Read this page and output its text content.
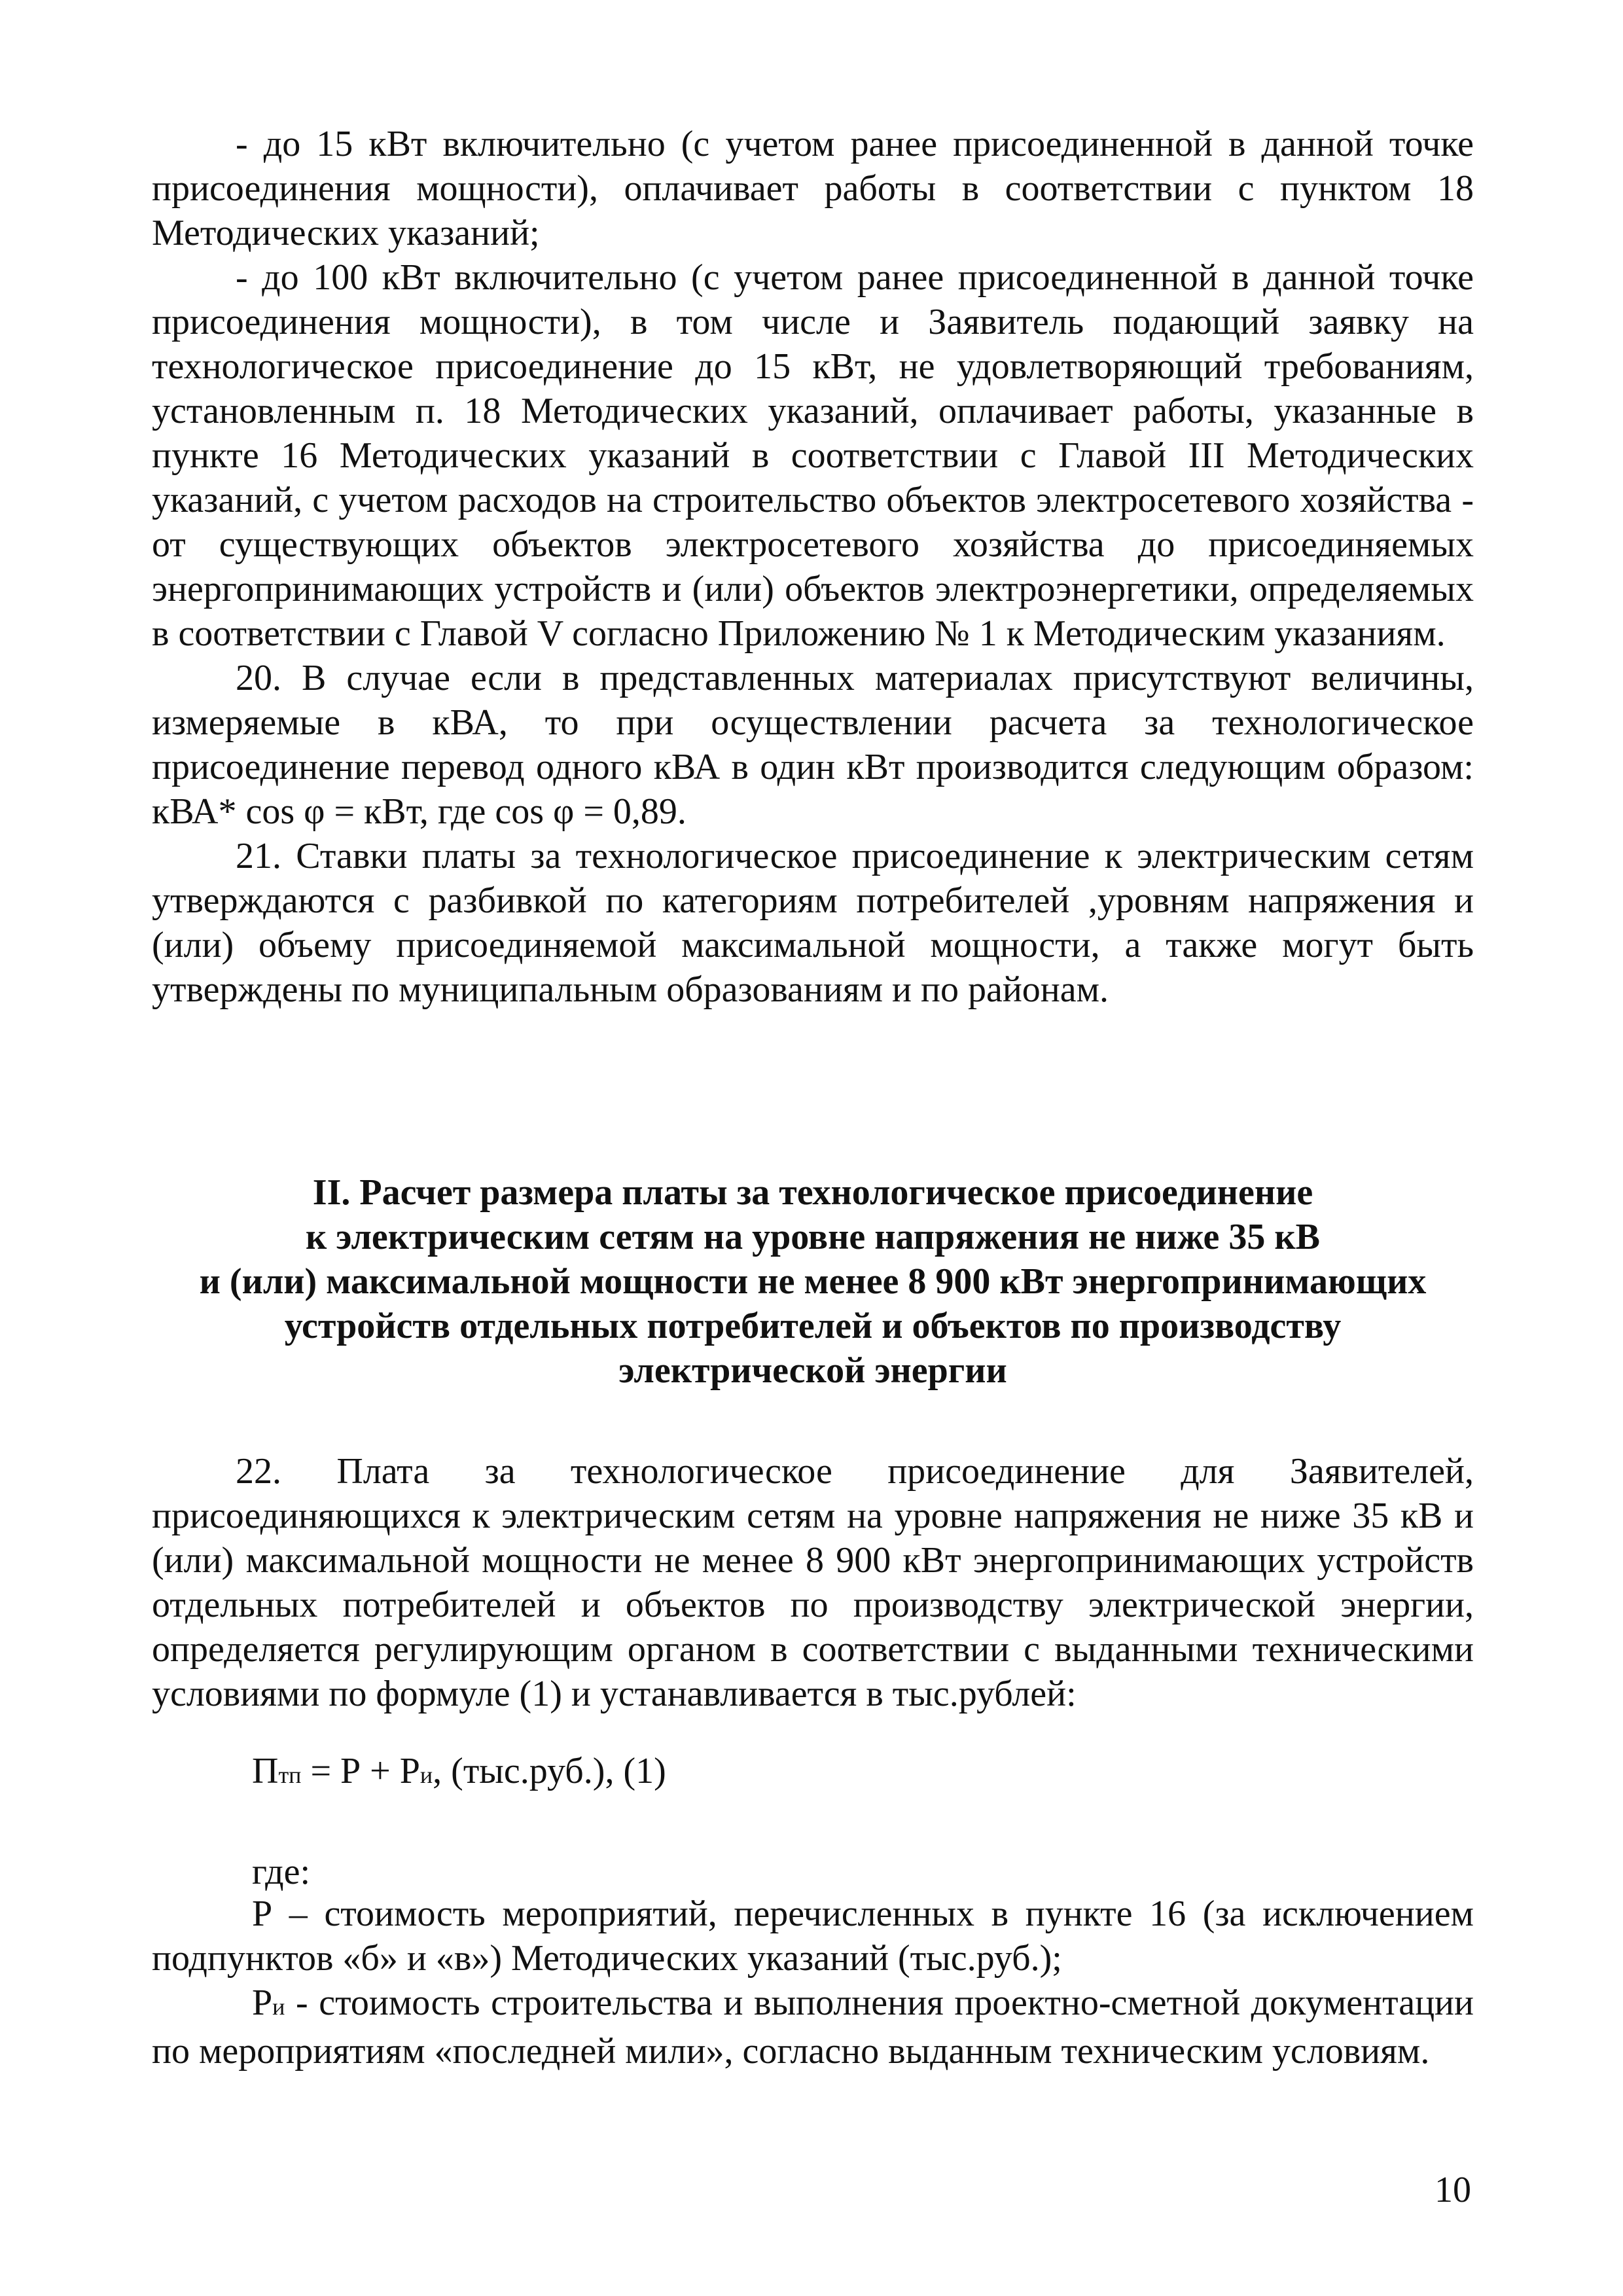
- до 15 кВт включительно (с учетом ранее присоединенной в данной точке присоединения мощности), оплачивает работы в соответствии с пунктом 18 Методических указаний;

- до 100 кВт включительно (с учетом ранее присоединенной в данной точке присоединения мощности), в том числе и Заявитель подающий заявку на технологическое присоединение до 15 кВт, не удовлетворяющий требованиям, установленным п. 18 Методических указаний, оплачивает работы, указанные в пункте 16 Методических указаний в соответствии с Главой III Методических указаний, с учетом расходов на строительство объектов электросетевого хозяйства - от существующих объектов электросетевого хозяйства до присоединяемых энергопринимающих устройств и (или) объектов электроэнергетики, определяемых в соответствии с Главой V согласно Приложению № 1 к Методическим указаниям.

20. В случае если в представленных материалах присутствуют величины, измеряемые в кВА, то при осуществлении расчета за технологическое присоединение перевод одного кВА в один кВт производится следующим образом: кВА* cos φ = кВт, где cos φ = 0,89.

21. Ставки платы за технологическое присоединение к электрическим сетям утверждаются с разбивкой по категориям потребителей ,уровням напряжения и (или) объему присоединяемой максимальной мощности, а также могут быть утверждены по муниципальным образованиям и по районам.

II. Расчет размера платы за технологическое присоединение
к электрическим сетям на уровне напряжения не ниже 35 кВ
и (или) максимальной мощности не менее 8 900 кВт энергопринимающих
устройств отдельных потребителей и объектов по производству
электрической энергии

22. Плата за технологическое присоединение для Заявителей, присоединяющихся к электрическим сетям на уровне напряжения не ниже 35 кВ и (или) максимальной мощности не менее 8 900 кВт энергопринимающих устройств отдельных потребителей и объектов по производству электрической энергии, определяется регулирующим органом в соответствии с выданными техническими условиями по формуле (1) и устанавливается в тыс.рублей:

Птп = Р + Ри, (тыс.руб.), (1)

где:

Р – стоимость мероприятий, перечисленных в пункте 16 (за исключением подпунктов «б» и «в») Методических указаний (тыс.руб.);

Ри - стоимость строительства и выполнения проектно-сметной документации по мероприятиям «последней мили», согласно выданным техническим условиям.

10
